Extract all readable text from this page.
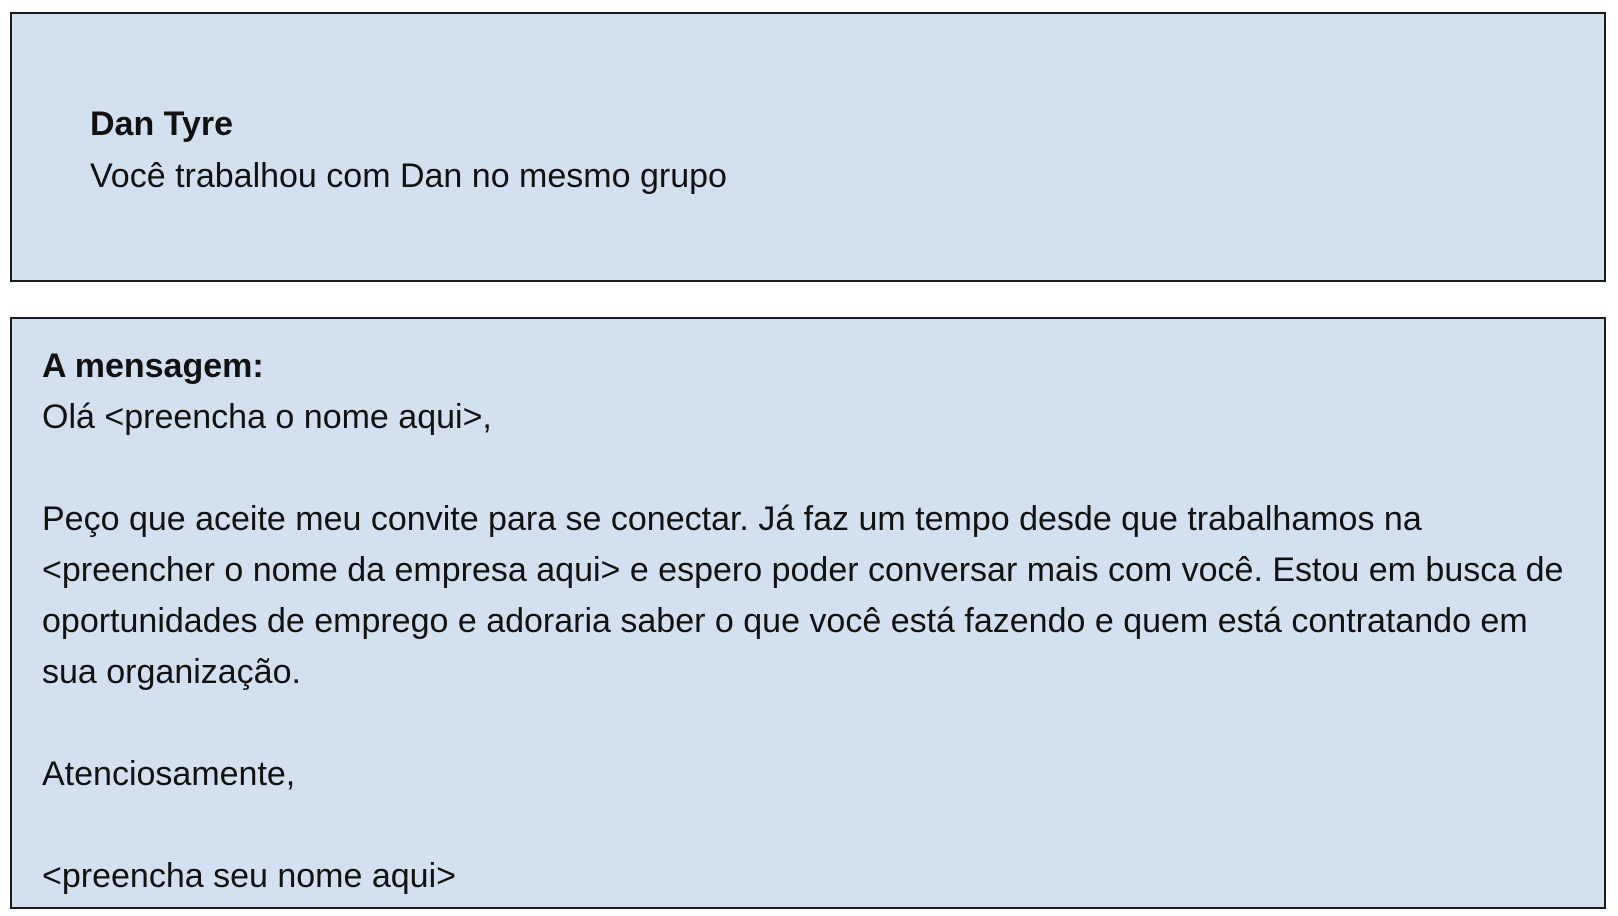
Dan Tyre
Você trabalhou com Dan no mesmo grupo

A mensagem:

Olá <preencha o nome aqui>,

Peço que aceite meu convite para se conectar. Já faz um tempo desde que trabalhamos na <preencher o nome da empresa aqui> e espero poder conversar mais com você. Estou em busca de oportunidades de emprego e adoraria saber o que você está fazendo e quem está contratando em sua organização.

Atenciosamente,

<preencha seu nome aqui>
